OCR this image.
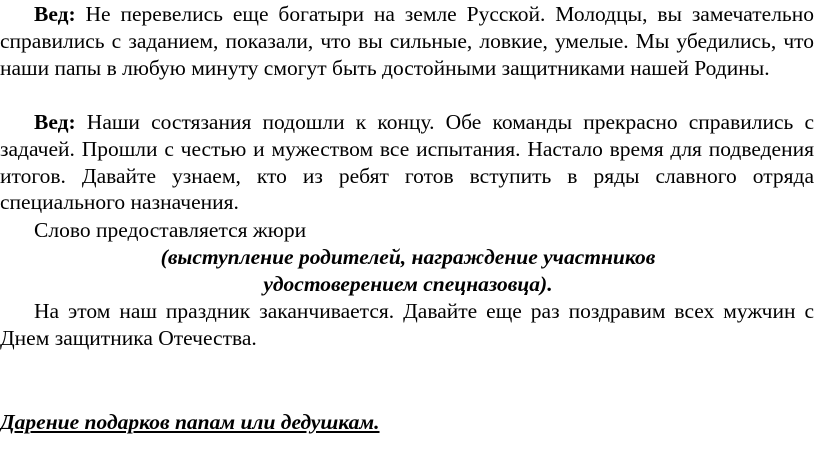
Вед: Не перевелись еще богатыри на земле Русской. Молодцы, вы замечательно справились с заданием, показали, что вы сильные, ловкие, умелые. Мы убедились, что наши папы в любую минуту смогут быть достойными защитниками нашей Родины.

Вед: Наши состязания подошли к концу. Обе команды прекрасно справились с задачей. Прошли с честью и мужеством все испытания. Настало время для подведения итогов. Давайте узнаем, кто из ребят готов вступить в ряды славного отряда специального назначения.

Слово предоставляется жюри

(выступление родителей, награждение участников

удостоверением спецназовца).

На этом наш праздник заканчивается. Давайте еще раз поздравим всех мужчин с Днем защитника Отечества.

Дарение подарков папам или дедушкам.
